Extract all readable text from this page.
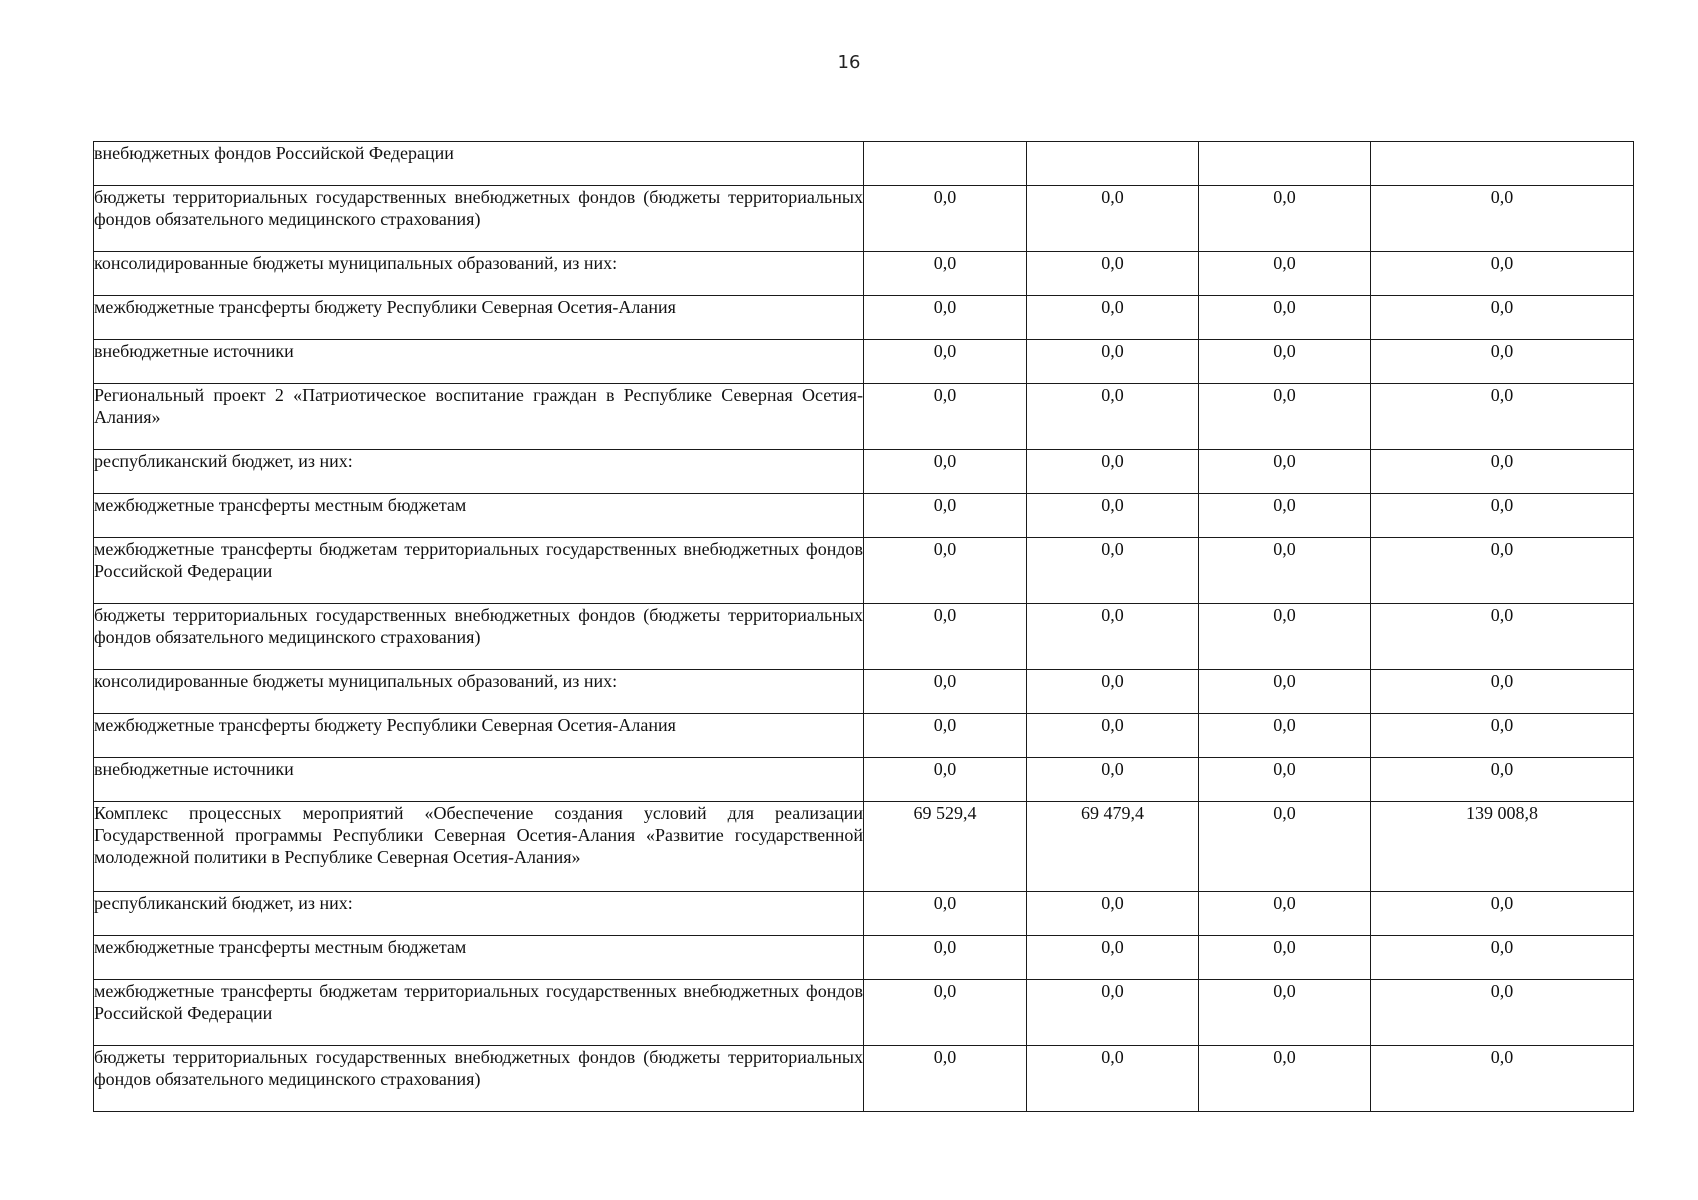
16
внебюджетных фондов Российской Федерации				
бюджеты территориальных государственных внебюджетных фондов (бюджеты территориальных фондов обязательного медицинского страхования)	0,0	0,0	0,0	0,0
консолидированные бюджеты муниципальных образований, из них:	0,0	0,0	0,0	0,0
межбюджетные трансферты бюджету Республики Северная Осетия-Алания	0,0	0,0	0,0	0,0
внебюджетные источники	0,0	0,0	0,0	0,0
Региональный проект 2 «Патриотическое воспитание граждан в Республике Северная Осетия-Алания»	0,0	0,0	0,0	0,0
республиканский бюджет, из них:	0,0	0,0	0,0	0,0
межбюджетные трансферты местным бюджетам	0,0	0,0	0,0	0,0
межбюджетные трансферты бюджетам территориальных государственных внебюджетных фондов Российской Федерации	0,0	0,0	0,0	0,0
бюджеты территориальных государственных внебюджетных фондов (бюджеты территориальных фондов обязательного медицинского страхования)	0,0	0,0	0,0	0,0
консолидированные бюджеты муниципальных образований, из них:	0,0	0,0	0,0	0,0
межбюджетные трансферты бюджету Республики Северная Осетия-Алания	0,0	0,0	0,0	0,0
внебюджетные источники	0,0	0,0	0,0	0,0
Комплекс процессных мероприятий «Обеспечение создания условий для реализации Государственной программы Республики Северная Осетия-Алания «Развитие государственной молодежной политики в Республике Северная Осетия-Алания»	69 529,4	69 479,4	0,0	139 008,8
республиканский бюджет, из них:	0,0	0,0	0,0	0,0
межбюджетные трансферты местным бюджетам	0,0	0,0	0,0	0,0
межбюджетные трансферты бюджетам территориальных государственных внебюджетных фондов Российской Федерации	0,0	0,0	0,0	0,0
бюджеты территориальных государственных внебюджетных фондов (бюджеты территориальных фондов обязательного медицинского страхования)	0,0	0,0	0,0	0,0
